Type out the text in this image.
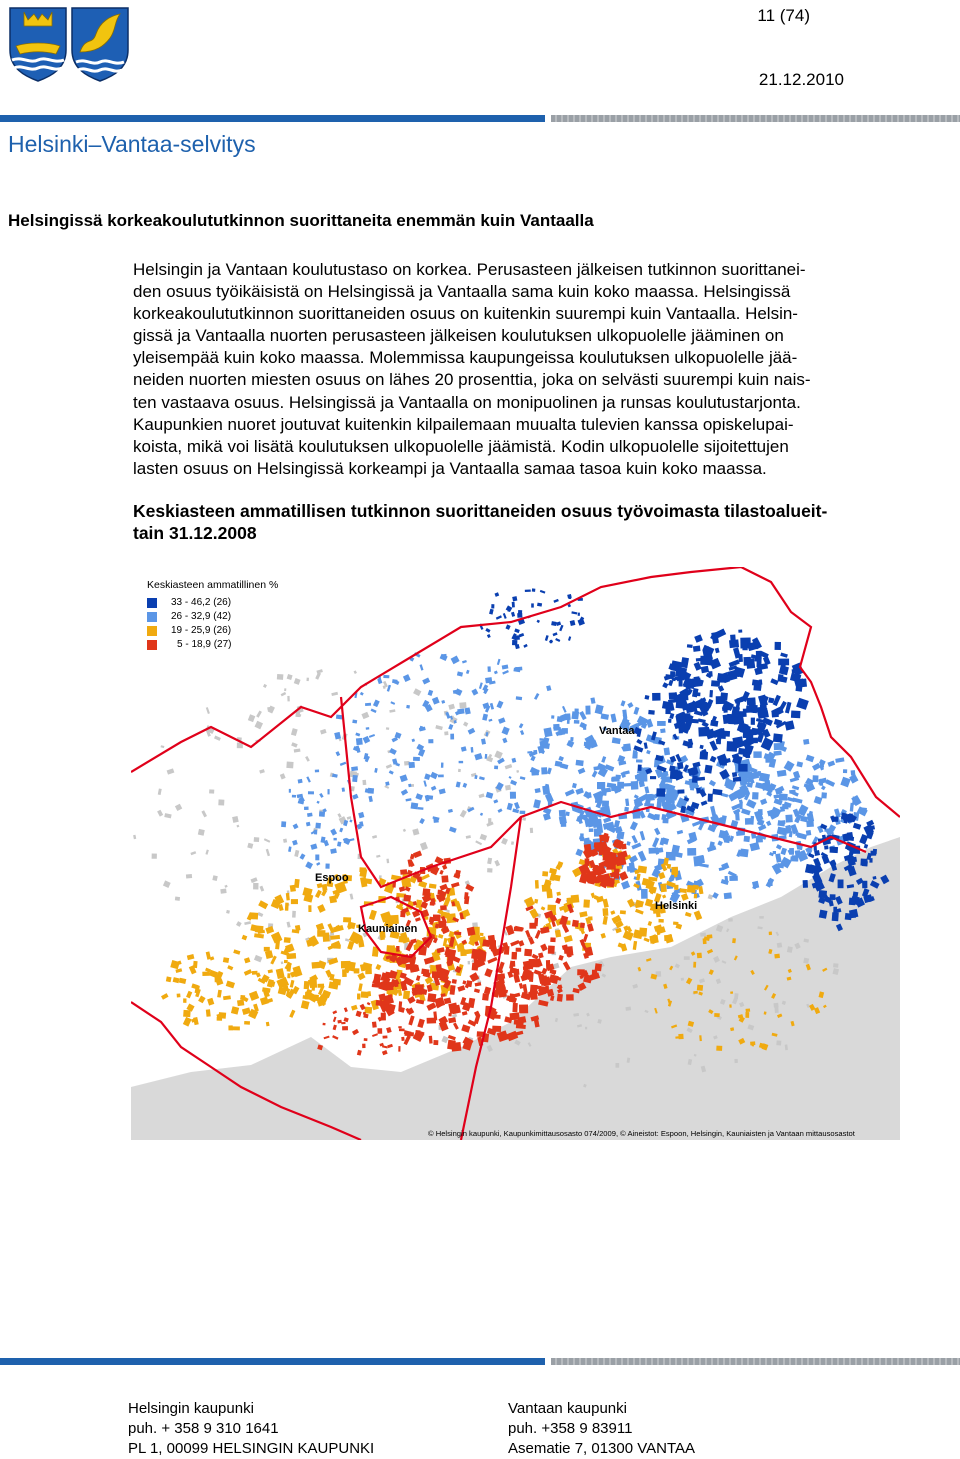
11 (74)
21.12.2010
Helsinki–Vantaa-selvitys
Helsingissä korkeakoulututkinnon suorittaneita enemmän kuin Vantaalla

Helsingin ja Vantaan koulutustaso on korkea. Perusasteen jälkeisen tutkinnon suorittanei-

den osuus työikäisistä on Helsingissä ja Vantaalla sama kuin koko maassa. Helsingissä

korkeakoulututkinnon suorittaneiden osuus on kuitenkin suurempi kuin Vantaalla. Helsin-

gissä ja Vantaalla nuorten perusasteen jälkeisen koulutuksen ulkopuolelle jääminen on

yleisempää kuin koko maassa. Molemmissa kaupungeissa koulutuksen ulkopuolelle jää-

neiden nuorten miesten osuus on lähes 20 prosenttia, joka on selvästi suurempi kuin nais-

ten vastaava osuus. Helsingissä ja Vantaalla on monipuolinen ja runsas koulutustarjonta.

Kaupunkien nuoret joutuvat kuitenkin kilpailemaan muualta tulevien kanssa opiskelupai-

koista, mikä voi lisätä koulutuksen ulkopuolelle jäämistä. Kodin ulkopuolelle sijoitettujen

lasten osuus on Helsingissä korkeampi ja Vantaalla samaa tasoa kuin koko maassa.

Keskiasteen ammatillisen tutkinnon suorittaneiden osuus työvoimasta tilastoalueit-
tain 31.12.2008
Keskiasteen ammatillinen %
33 - 46,2 (26)
26 - 32,9 (42)
19 - 25,9 (26)
5 - 18,9 (27)
Vantaa
Espoo
Helsinki
Kauniainen
© Helsingin kaupunki, Kaupunkimittausosasto 074/2009, © Aineistot: Espoon, Helsingin, Kauniaisten ja Vantaan mittausosastot
Helsingin kaupunki
puh. + 358 9 310 1641
PL 1, 00099 HELSINGIN KAUPUNKI
Vantaan kaupunki
puh. +358 9 83911
Asematie 7, 01300 VANTAA
